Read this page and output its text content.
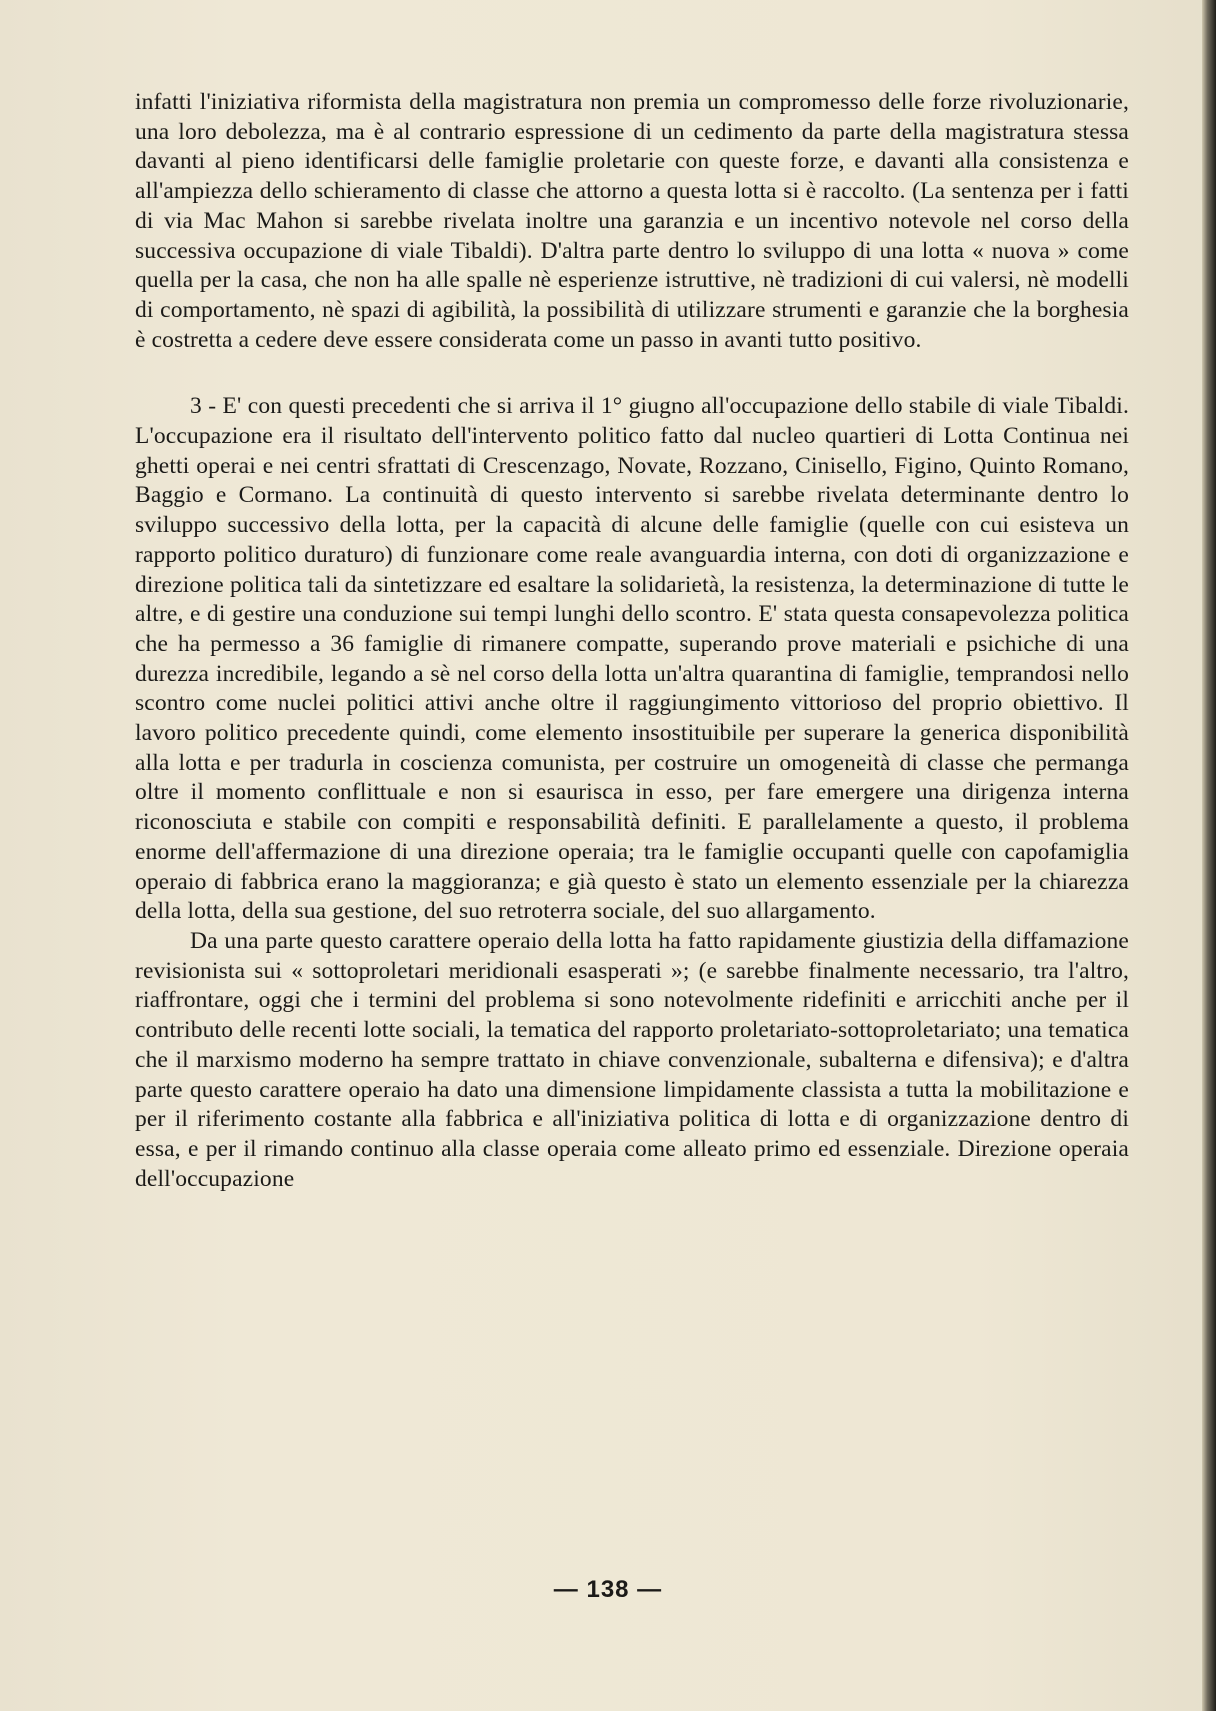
infatti l'iniziativa riformista della magistratura non premia un compromesso delle forze rivoluzionarie, una loro debolezza, ma è al contrario espressione di un cedimento da parte della magistratura stessa davanti al pieno identificarsi delle famiglie proletarie con queste forze, e davanti alla consistenza e all'ampiezza dello schieramento di classe che attorno a questa lotta si è raccolto. (La sentenza per i fatti di via Mac Mahon si sarebbe rivelata inoltre una garanzia e un incentivo notevole nel corso della successiva occupazione di viale Tibaldi). D'altra parte dentro lo sviluppo di una lotta « nuova » come quella per la casa, che non ha alle spalle nè esperienze istruttive, nè tradizioni di cui valersi, nè modelli di comportamento, nè spazi di agibilità, la possibilità di utilizzare strumenti e garanzie che la borghesia è costretta a cedere deve essere considerata come un passo in avanti tutto positivo.

3 - E' con questi precedenti che si arriva il 1° giugno all'occupazione dello stabile di viale Tibaldi. L'occupazione era il risultato dell'intervento politico fatto dal nucleo quartieri di Lotta Continua nei ghetti operai e nei centri sfrattati di Crescenzago, Novate, Rozzano, Cinisello, Figino, Quinto Romano, Baggio e Cormano. La continuità di questo intervento si sarebbe rivelata determinante dentro lo sviluppo successivo della lotta, per la capacità di alcune delle famiglie (quelle con cui esisteva un rapporto politico duraturo) di funzionare come reale avanguardia interna, con doti di organizzazione e direzione politica tali da sintetizzare ed esaltare la solidarietà, la resistenza, la determinazione di tutte le altre, e di gestire una conduzione sui tempi lunghi dello scontro. E' stata questa consapevolezza politica che ha permesso a 36 famiglie di rimanere compatte, superando prove materiali e psichiche di una durezza incredibile, legando a sè nel corso della lotta un'altra quarantina di famiglie, temprandosi nello scontro come nuclei politici attivi anche oltre il raggiungimento vittorioso del proprio obiettivo. Il lavoro politico precedente quindi, come elemento insostituibile per superare la generica disponibilità alla lotta e per tradurla in coscienza comunista, per costruire un omogeneità di classe che permanga oltre il momento conflittuale e non si esaurisca in esso, per fare emergere una dirigenza interna riconosciuta e stabile con compiti e responsabilità definiti. E parallelamente a questo, il problema enorme dell'affermazione di una direzione operaia; tra le famiglie occupanti quelle con capofamiglia operaio di fabbrica erano la maggioranza; e già questo è stato un elemento essenziale per la chiarezza della lotta, della sua gestione, del suo retroterra sociale, del suo allargamento.

Da una parte questo carattere operaio della lotta ha fatto rapidamente giustizia della diffamazione revisionista sui « sottoproletari meridionali esasperati »; (e sarebbe finalmente necessario, tra l'altro, riaffrontare, oggi che i termini del problema si sono notevolmente ridefiniti e arricchiti anche per il contributo delle recenti lotte sociali, la tematica del rapporto proletariato-sottoproletariato; una tematica che il marxismo moderno ha sempre trattato in chiave convenzionale, subalterna e difensiva); e d'altra parte questo carattere operaio ha dato una dimensione limpidamente classista a tutta la mobilitazione e per il riferimento costante alla fabbrica e all'iniziativa politica di lotta e di organizzazione dentro di essa, e per il rimando continuo alla classe operaia come alleato primo ed essenziale. Direzione operaia dell'occupazione

— 138 —
